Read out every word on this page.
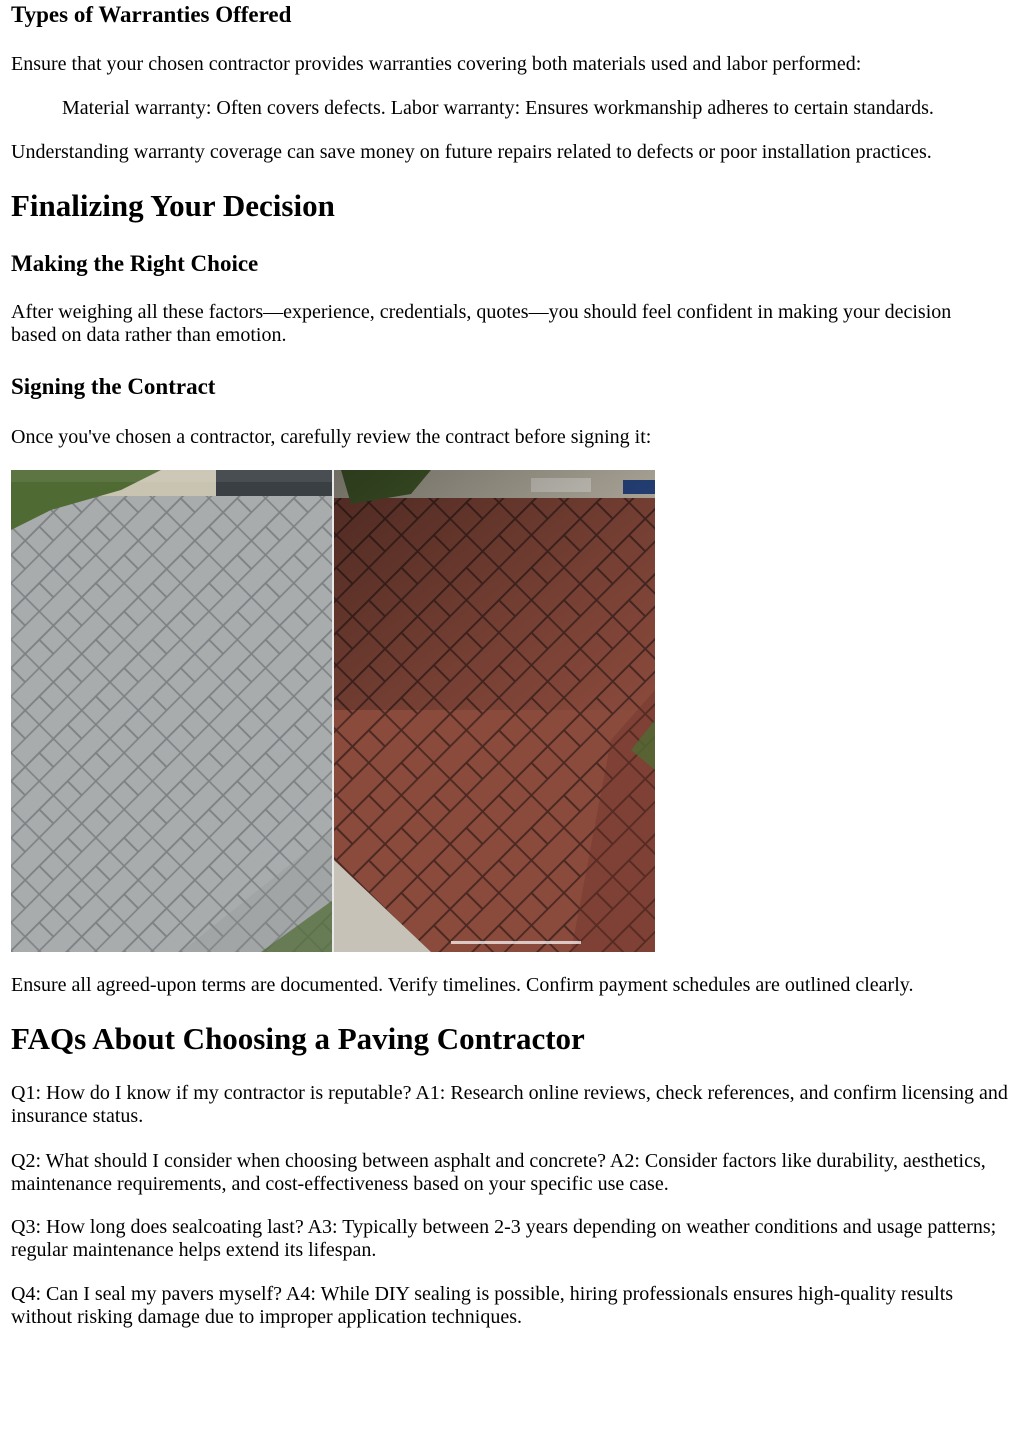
Types of Warranties Offered

Ensure that your chosen contractor provides warranties covering both materials used and labor performed:

Material warranty: Often covers defects. Labor warranty: Ensures workmanship adheres to certain standards.

Understanding warranty coverage can save money on future repairs related to defects or poor installation practices.

Finalizing Your Decision
Making the Right Choice

After weighing all these factors—experience, credentials, quotes—you should feel confident in making your decision based on data rather than emotion.

Signing the Contract

Once you've chosen a contractor, carefully review the contract before signing it:

Ensure all agreed-upon terms are documented. Verify timelines. Confirm payment schedules are outlined clearly.

FAQs About Choosing a Paving Contractor

Q1: How do I know if my contractor is reputable? A1: Research online reviews, check references, and confirm licensing and insurance status.

Q2: What should I consider when choosing between asphalt and concrete? A2: Consider factors like durability, aesthetics, maintenance requirements, and cost-effectiveness based on your specific use case.

Q3: How long does sealcoating last? A3: Typically between 2-3 years depending on weather conditions and usage patterns; regular maintenance helps extend its lifespan.

Q4: Can I seal my pavers myself? A4: While DIY sealing is possible, hiring professionals ensures high-quality results without risking damage due to improper application techniques.
